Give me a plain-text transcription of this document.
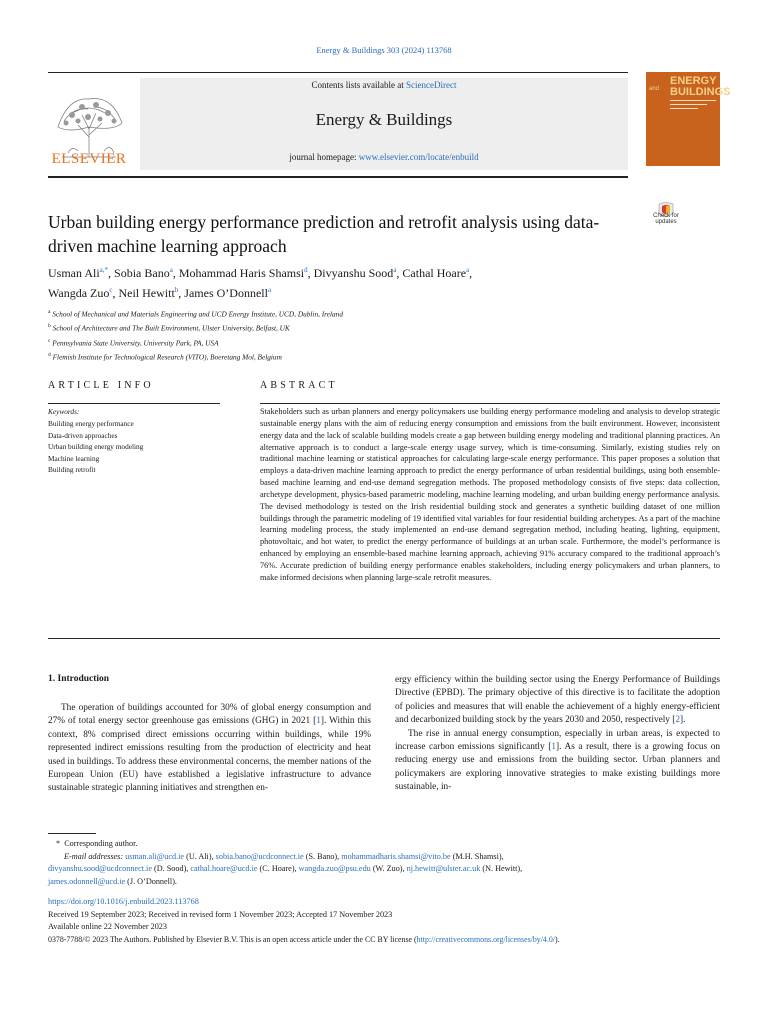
Energy & Buildings 303 (2024) 113768
ELSEVIER
Contents lists available at ScienceDirect
Energy & Buildings
journal homepage: www.elsevier.com/locate/enbuild
and
ENERGY
BUILDINGS
Check for
updates
Urban building energy performance prediction and retrofit analysis using data-driven machine learning approach
Usman Ali$^{a,*}$, Sobia Bano$^a$, Mohammad Haris Shamsi$^d$, Divyanshu Sood$^a$, Cathal Hoare$^a$,
Wangda Zuo$^c$, Neil Hewitt$^b$, James O’Donnell$^a$
$^a$ School of Mechanical and Materials Engineering and UCD Energy Institute, UCD, Dublin, Ireland
$^b$ School of Architecture and The Built Environment, Ulster University, Belfast, UK
$^c$ Pennsylvania State University, University Park, PA, USA
$^d$ Flemish Institute for Technological Research (VITO), Boeretang Mol, Belgium
ARTICLE INFO	ABSTRACT
Keywords:
Building energy performance
Data-driven approaches
Urban building energy modeling
Machine learning
Building retrofit
Stakeholders such as urban planners and energy policymakers use building energy performance modeling and analysis to develop strategic sustainable energy plans with the aim of reducing energy consumption and emissions from the built environment. However, inconsistent energy data and the lack of scalable building models create a gap between building energy modeling and traditional planning practices. An alternative approach is to conduct a large-scale energy usage survey, which is time-consuming. Similarly, existing studies rely on traditional machine learning or statistical approaches for calculating large-scale energy performance. This paper proposes a solution that employs a data-driven machine learning approach to predict the energy performance of urban residential buildings, using both ensemble-based machine learning and end-use demand segregation methods. The proposed methodology consists of five steps: data collection, archetype development, physics-based parametric modeling, machine learning modeling, and urban building energy performance analysis. The devised methodology is tested on the Irish residential building stock and generates a synthetic building dataset of one million buildings through the parametric modeling of 19 identified vital variables for four residential building archetypes. As a part of the machine learning modeling process, the study implemented an end-use demand segregation method, including heating, lighting, equipment, photovoltaic, and hot water, to predict the energy performance of buildings at an urban scale. Furthermore, the model’s performance is enhanced by employing an ensemble-based machine learning approach, achieving 91% accuracy compared to the traditional approach’s 76%. Accurate prediction of building energy performance enables stakeholders, including energy policymakers and urban planners, to make informed decisions when planning large-scale retrofit measures.
1. Introduction

The operation of buildings accounted for 30% of global energy consumption and 27% of total energy sector greenhouse gas emissions (GHG) in 2021 [1]. Within this context, 8% comprised direct emissions occurring within buildings, while 19% represented indirect emissions resulting from the production of electricity and heat used in buildings. To address these environmental concerns, the member nations of the European Union (EU) have established a legislative infrastructure to advance sustainable strategic planning initiatives and strengthen en-

ergy efficiency within the building sector using the Energy Performance of Buildings Directive (EPBD). The primary objective of this directive is to facilitate the adoption of policies and measures that will enable the achievement of a highly energy-efficient and decarbonized building stock by the years 2030 and 2050, respectively [2].

The rise in annual energy consumption, especially in urban areas, is expected to increase carbon emissions significantly [1]. As a result, there is a growing focus on reducing energy use and emissions from the building sector. Urban planners and policymakers are exploring innovative strategies to make existing buildings more sustainable, in-

* Corresponding author.
E-mail addresses: usman.ali@ucd.ie (U. Ali), sobia.bano@ucdconnect.ie (S. Bano), mohammadharis.shamsi@vito.be (M.H. Shamsi),
divyanshu.sood@ucdconnect.ie (D. Sood), cathal.hoare@ucd.ie (C. Hoare), wangda.zuo@psu.edu (W. Zuo), nj.hewitt@ulster.ac.uk (N. Hewitt),
james.odonnell@ucd.ie (J. O’Donnell).
https://doi.org/10.1016/j.enbuild.2023.113768
Received 19 September 2023; Received in revised form 1 November 2023; Accepted 17 November 2023
Available online 22 November 2023
0378-7788/© 2023 The Authors. Published by Elsevier B.V. This is an open access article under the CC BY license (http://creativecommons.org/licenses/by/4.0/).
